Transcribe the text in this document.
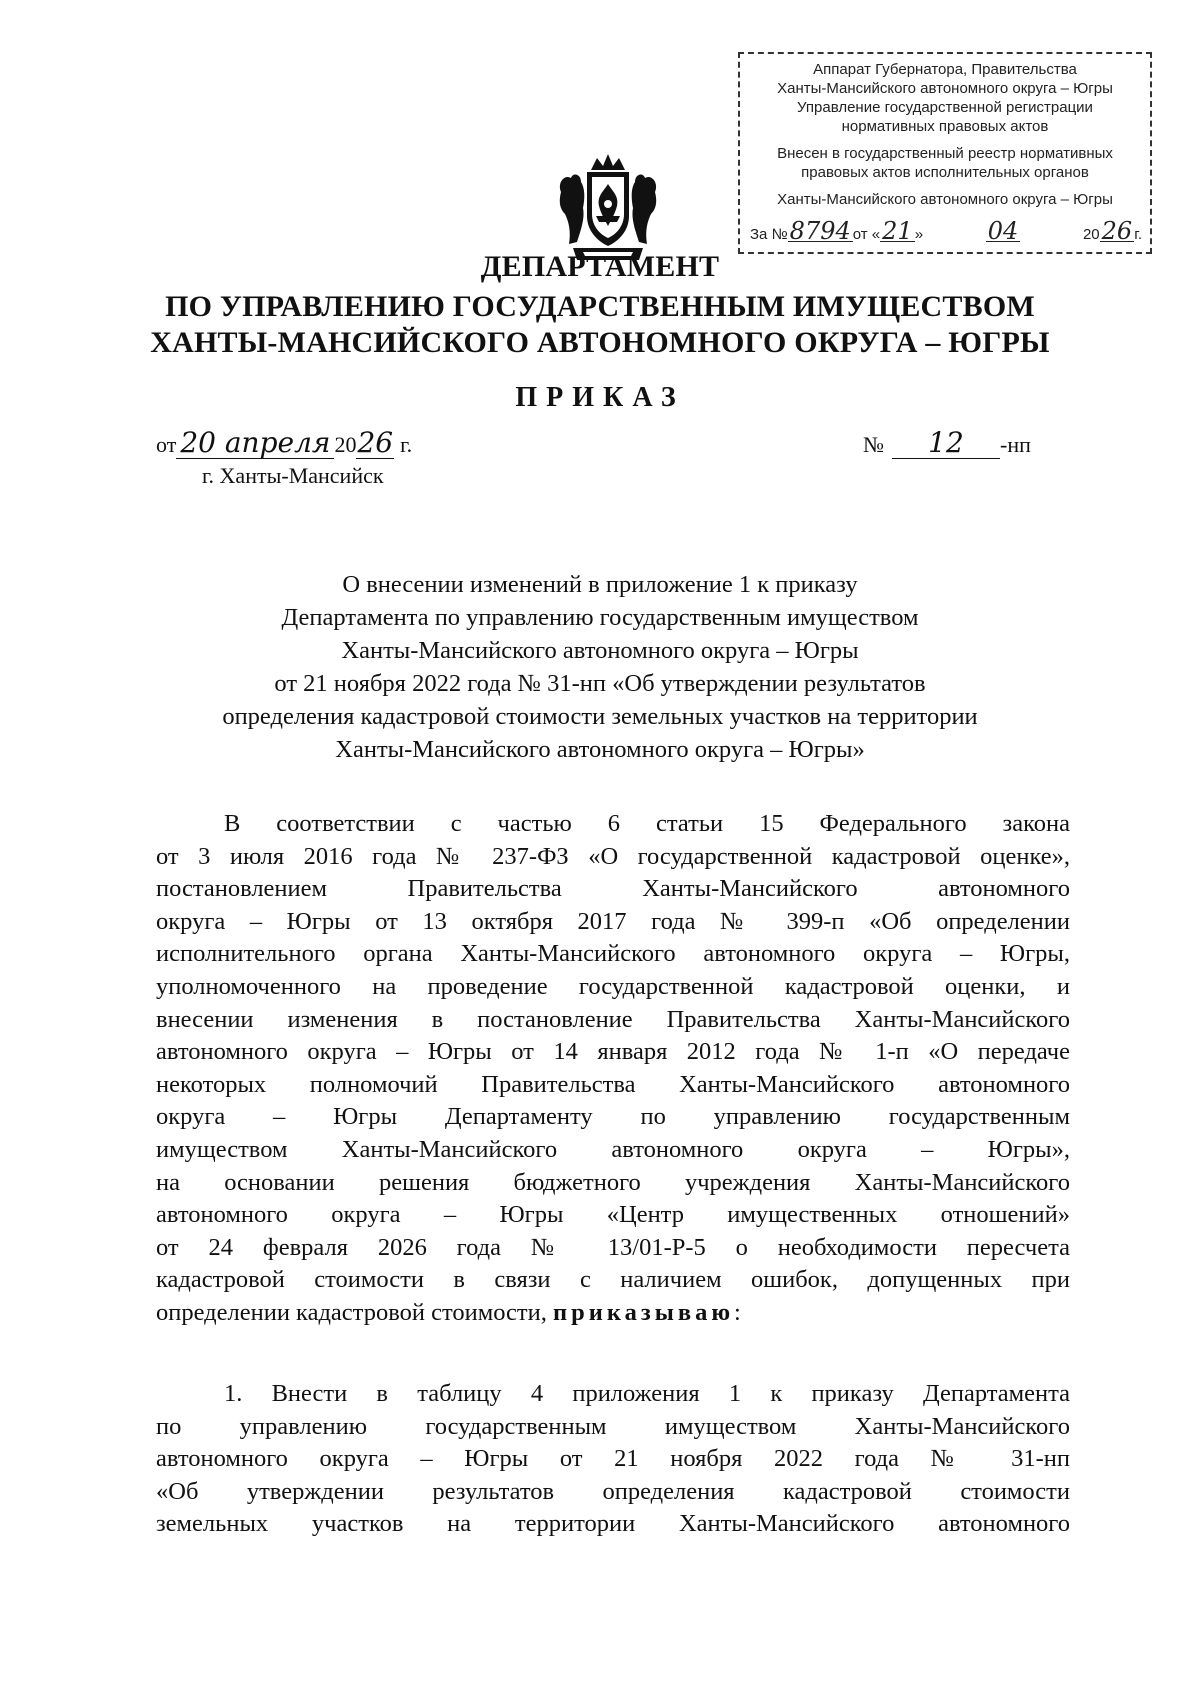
Аппарат Губернатора, Правительства
Ханты-Мансийского автономного округа – Югры
Управление государственной регистрации
нормативных правовых актов
Внесен в государственный реестр нормативных
правовых актов исполнительных органов
Ханты-Мансийского автономного округа – Югры
За № 8794 от « 21 »	04	20 26 г.
ДЕПАРТАМЕНТ
ПО УПРАВЛЕНИЮ ГОСУДАРСТВЕННЫМ ИМУЩЕСТВОМ
ХАНТЫ-МАНСИЙСКОГО АВТОНОМНОГО ОКРУГА – ЮГРЫ
ПРИКАЗ
от 20 апреля 20 26 г.
г. Ханты-Мансийск
№	12	-нп
О внесении изменений в приложение 1 к приказу
Департамента по управлению государственным имуществом
Ханты-Мансийского автономного округа – Югры
от 21 ноября 2022 года № 31-нп «Об утверждении результатов
определения кадастровой стоимости земельных участков на территории
Ханты-Мансийского автономного округа – Югры»
В соответствии с частью 6 статьи 15 Федерального закона
от 3 июля 2016 года № 237-ФЗ «О государственной кадастровой оценке»,
постановлением Правительства Ханты-Мансийского автономного
округа – Югры от 13 октября 2017 года № 399-п «Об определении
исполнительного органа Ханты-Мансийского автономного округа – Югры,
уполномоченного на проведение государственной кадастровой оценки, и
внесении изменения в постановление Правительства Ханты-Мансийского
автономного округа – Югры от 14 января 2012 года № 1-п «О передаче
некоторых полномочий Правительства Ханты-Мансийского автономного
округа – Югры Департаменту по управлению государственным
имуществом Ханты-Мансийского автономного округа – Югры»,
на основании решения бюджетного учреждения Ханты-Мансийского
автономного округа – Югры «Центр имущественных отношений»
от 24 февраля 2026 года № 13/01-Р-5 о необходимости пересчета
кадастровой стоимости в связи с наличием ошибок, допущенных при
определении кадастровой стоимости, приказываю:
1. Внести в таблицу 4 приложения 1 к приказу Департамента
по управлению государственным имуществом Ханты-Мансийского
автономного округа – Югры от 21 ноября 2022 года № 31-нп
«Об утверждении результатов определения кадастровой стоимости
земельных участков на территории Ханты-Мансийского автономного
